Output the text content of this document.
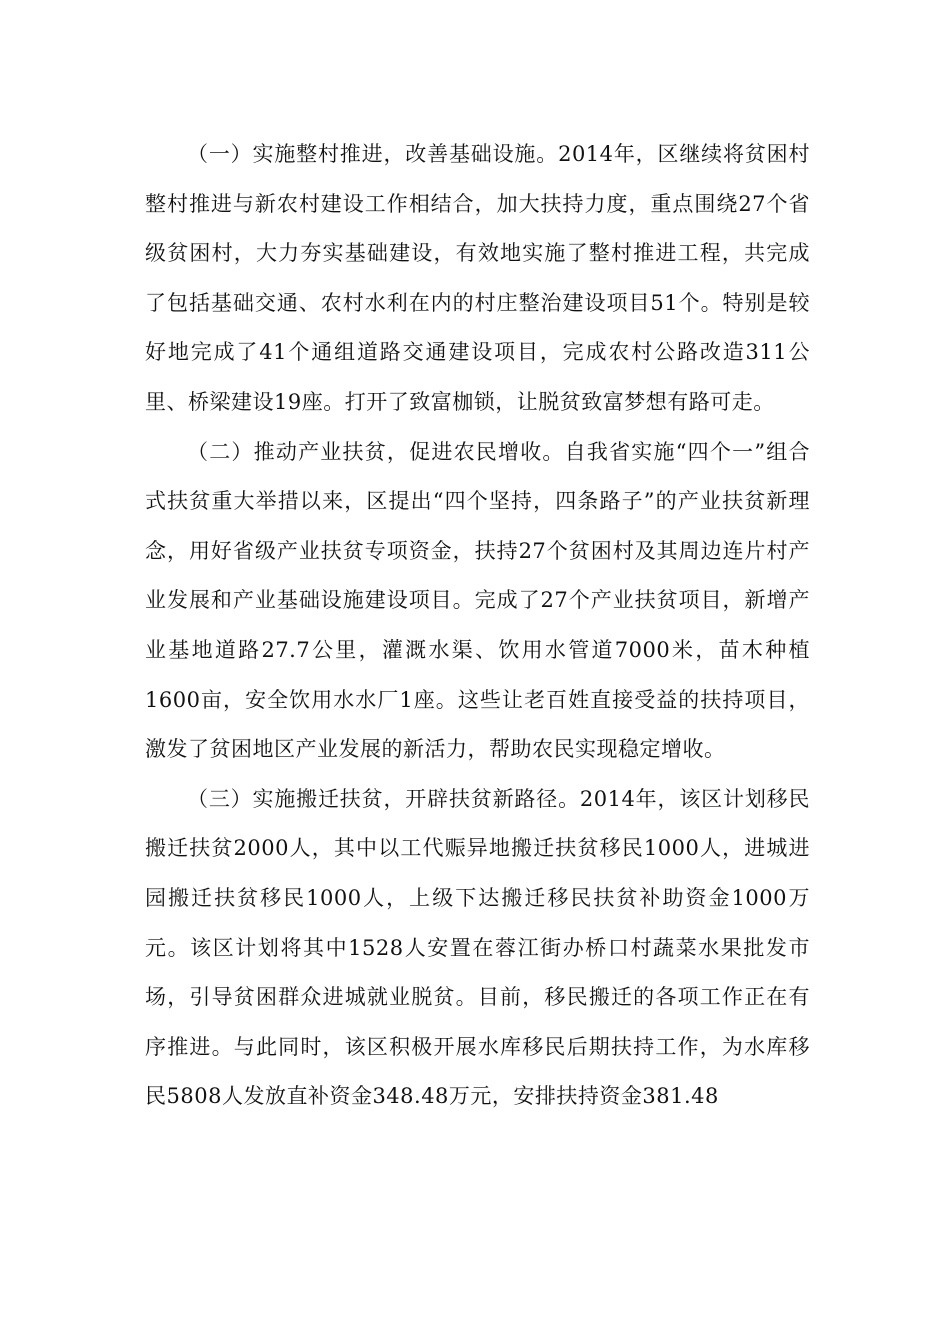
（一）实施整村推进，改善基础设施。2014年，区继续将贫困村整村推进与新农村建设工作相结合，加大扶持力度，重点围绕27个省级贫困村，大力夯实基础建设，有效地实施了整村推进工程，共完成了包括基础交通、农村水利在内的村庄整治建设项目51个。特别是较好地完成了41个通组道路交通建设项目，完成农村公路改造311公里、桥梁建设19座。打开了致富枷锁，让脱贫致富梦想有路可走。

（二）推动产业扶贫，促进农民增收。自我省实施“四个一”组合式扶贫重大举措以来，区提出“四个坚持，四条路子”的产业扶贫新理念，用好省级产业扶贫专项资金，扶持27个贫困村及其周边连片村产业发展和产业基础设施建设项目。完成了27个产业扶贫项目，新增产业基地道路27.7公里，灌溉水渠、饮用水管道7000米，苗木种植1600亩，安全饮用水水厂1座。这些让老百姓直接受益的扶持项目，激发了贫困地区产业发展的新活力，帮助农民实现稳定增收。

（三）实施搬迁扶贫，开辟扶贫新路径。2014年，该区计划移民搬迁扶贫2000人，其中以工代赈异地搬迁扶贫移民1000人，进城进园搬迁扶贫移民1000人，上级下达搬迁移民扶贫补助资金1000万元。该区计划将其中1528人安置在蓉江街办桥口村蔬菜水果批发市场，引导贫困群众进城就业脱贫。目前，移民搬迁的各项工作正在有序推进。与此同时，该区积极开展水库移民后期扶持工作，为水库移民5808人发放直补资金348.48万元，安排扶持资金381.48
